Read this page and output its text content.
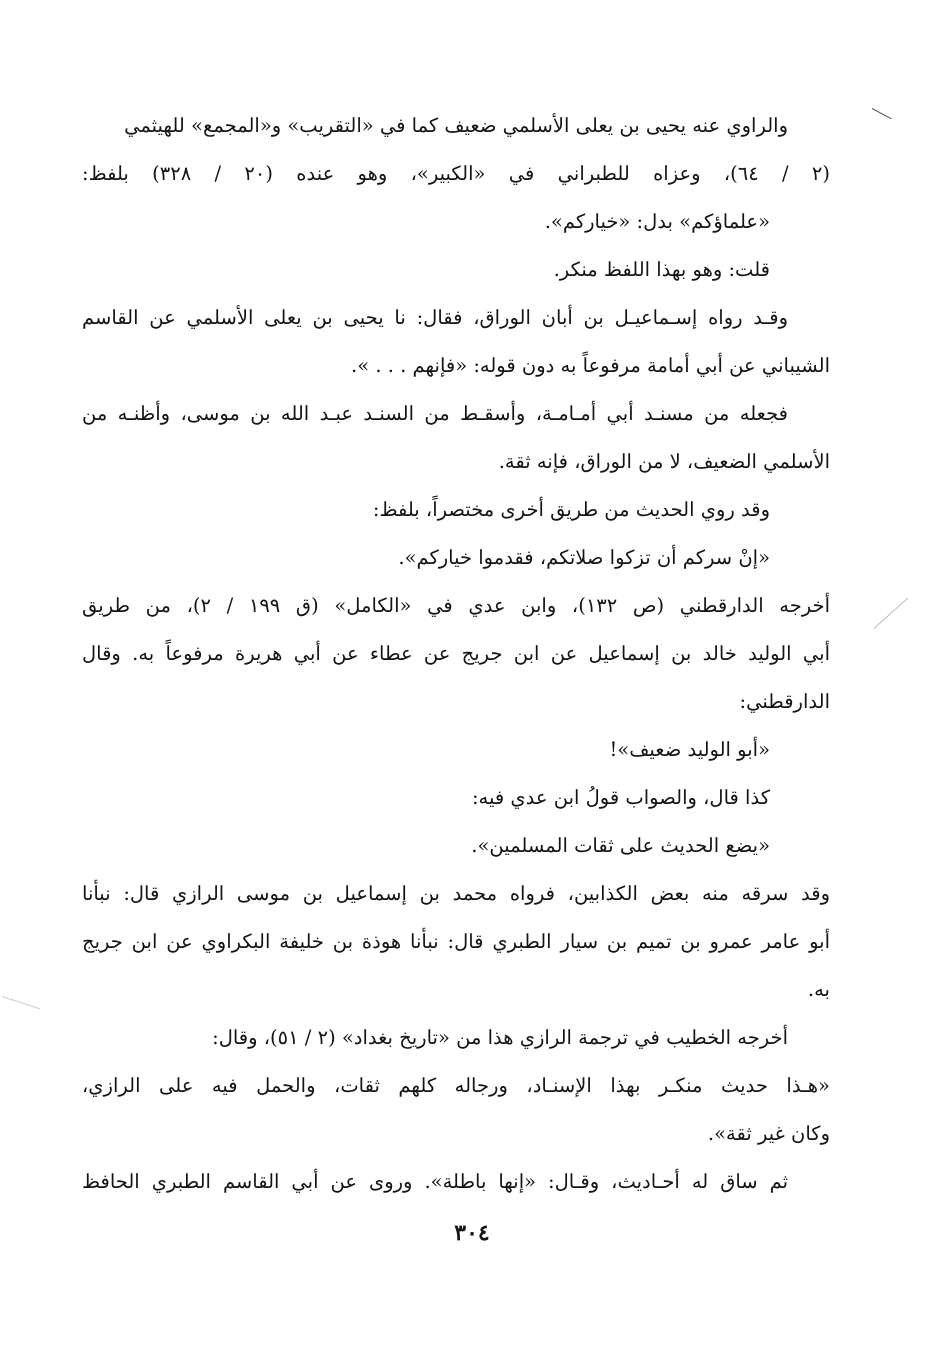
والراوي عنه يحيى بن يعلى الأسلمي ضعيف كما في «التقريب» و«المجمع» للهيثمي
(٢ / ٦٤)، وعزاه للطبراني في «الكبير»، وهو عنده (٢٠ / ٣٢٨) بلفظ:
«علماؤكم» بدل: «خياركم».
قلت: وهو بهذا اللفظ منكر.
وقـد رواه إسـماعيـل بن أبان الوراق، فقال: نا يحيى بن يعلى الأسلمي عن القاسم
الشيباني عن أبي أمامة مرفوعاً به دون قوله: «فإنهم . . . ».
فجعله من مسنـد أبي أمـامـة، وأسقـط من السنـد عبـد الله بن موسى، وأظنـه من
الأسلمي الضعيف، لا من الوراق، فإنه ثقة.
وقد روي الحديث من طريق أخرى مختصراً، بلفظ:
«إنْ سركم أن تزكوا صلاتكم، فقدموا خياركم».
أخرجه الدارقطني (ص ١٣٢)، وابن عدي في «الكامل» (ق ١٩٩ / ٢)، من طريق
أبي الوليد خالد بن إسماعيل عن ابن جريج عن عطاء عن أبي هريرة مرفوعاً به. وقال
الدارقطني:
«أبو الوليد ضعيف»!
كذا قال، والصواب قولُ ابن عدي فيه:
«يضع الحديث على ثقات المسلمين».
وقد سرقه منه بعض الكذابين، فرواه محمد بن إسماعيل بن موسى الرازي قال: نبأنا
أبو عامر عمرو بن تميم بن سيار الطبري قال: نبأنا هوذة بن خليفة البكراوي عن ابن جريج
به.
أخرجه الخطيب في ترجمة الرازي هذا من «تاريخ بغداد» (٢ / ٥١)، وقال:
«هـذا حديث منكـر بهذا الإسنـاد، ورجاله كلهم ثقات، والحمل فيه على الرازي،
وكان غير ثقة».
ثم ساق له أحـاديث، وقـال: «إنها باطلة». وروى عن أبي القاسم الطبري الحافظ
٣٠٤
